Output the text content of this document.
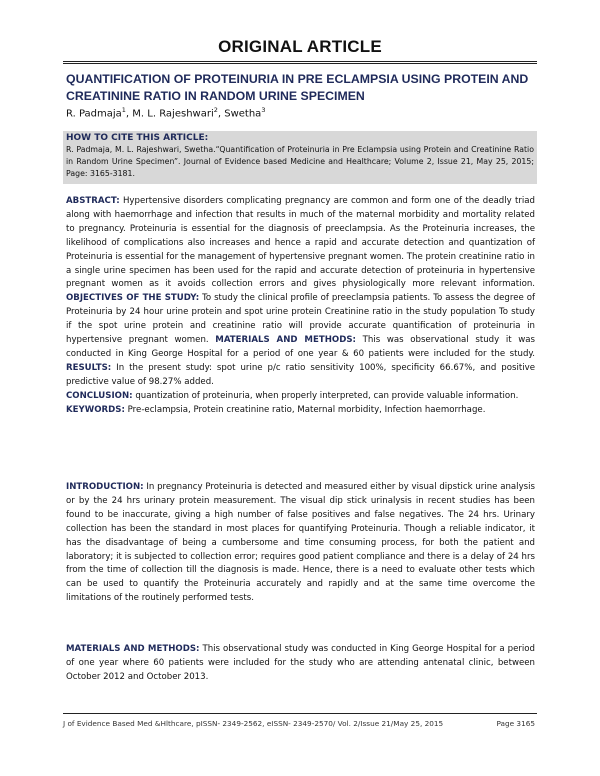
ORIGINAL ARTICLE
QUANTIFICATION OF PROTEINURIA IN PRE ECLAMPSIA USING PROTEIN AND CREATININE RATIO IN RANDOM URINE SPECIMEN
R. Padmaja$^1$, M. L. Rajeshwari$^2$, Swetha$^3$
HOW TO CITE THIS ARTICLE:
R. Padmaja, M. L. Rajeshwari, Swetha.“Quantification of Proteinuria in Pre Eclampsia using Protein and Creatinine Ratio in Random Urine Specimen”. Journal of Evidence based Medicine and Healthcare; Volume 2, Issue 21, May 25, 2015; Page: 3165-3181.
ABSTRACT: Hypertensive disorders complicating pregnancy are common and form one of the deadly triad along with haemorrhage and infection that results in much of the maternal morbidity and mortality related to pregnancy. Proteinuria is essential for the diagnosis of preeclampsia. As the Proteinuria increases, the likelihood of complications also increases and hence a rapid and accurate detection and quantization of Proteinuria is essential for the management of hypertensive pregnant women. The protein creatinine ratio in a single urine specimen has been used for the rapid and accurate detection of proteinuria in hypertensive pregnant women as it avoids collection errors and gives physiologically more relevant information. OBJECTIVES OF THE STUDY: To study the clinical profile of preeclampsia patients. To assess the degree of Proteinuria by 24 hour urine protein and spot urine protein Creatinine ratio in the study population To study if the spot urine protein and creatinine ratio will provide accurate quantification of proteinuria in hypertensive pregnant women. MATERIALS AND METHODS: This was observational study it was conducted in King George Hospital for a period of one year & 60 patients were included for the study. RESULTS: In the present study: spot urine p/c ratio sensitivity 100%, specificity 66.67%, and positive predictive value of 98.27% added.
CONCLUSION: quantization of proteinuria, when properly interpreted, can provide valuable information.
KEYWORDS: Pre-eclampsia, Protein creatinine ratio, Maternal morbidity, Infection haemorrhage.
INTRODUCTION: In pregnancy Proteinuria is detected and measured either by visual dipstick urine analysis or by the 24 hrs urinary protein measurement. The visual dip stick urinalysis in recent studies has been found to be inaccurate, giving a high number of false positives and false negatives. The 24 hrs. Urinary collection has been the standard in most places for quantifying Proteinuria. Though a reliable indicator, it has the disadvantage of being a cumbersome and time consuming process, for both the patient and laboratory; it is subjected to collection error; requires good patient compliance and there is a delay of 24 hrs from the time of collection till the diagnosis is made. Hence, there is a need to evaluate other tests which can be used to quantify the Proteinuria accurately and rapidly and at the same time overcome the limitations of the routinely performed tests.
MATERIALS AND METHODS: This observational study was conducted in King George Hospital for a period of one year where 60 patients were included for the study who are attending antenatal clinic, between October 2012 and October 2013.
J of Evidence Based Med &Hlthcare, pISSN- 2349-2562, eISSN- 2349-2570/ Vol. 2/Issue 21/May 25, 2015	Page 3165
